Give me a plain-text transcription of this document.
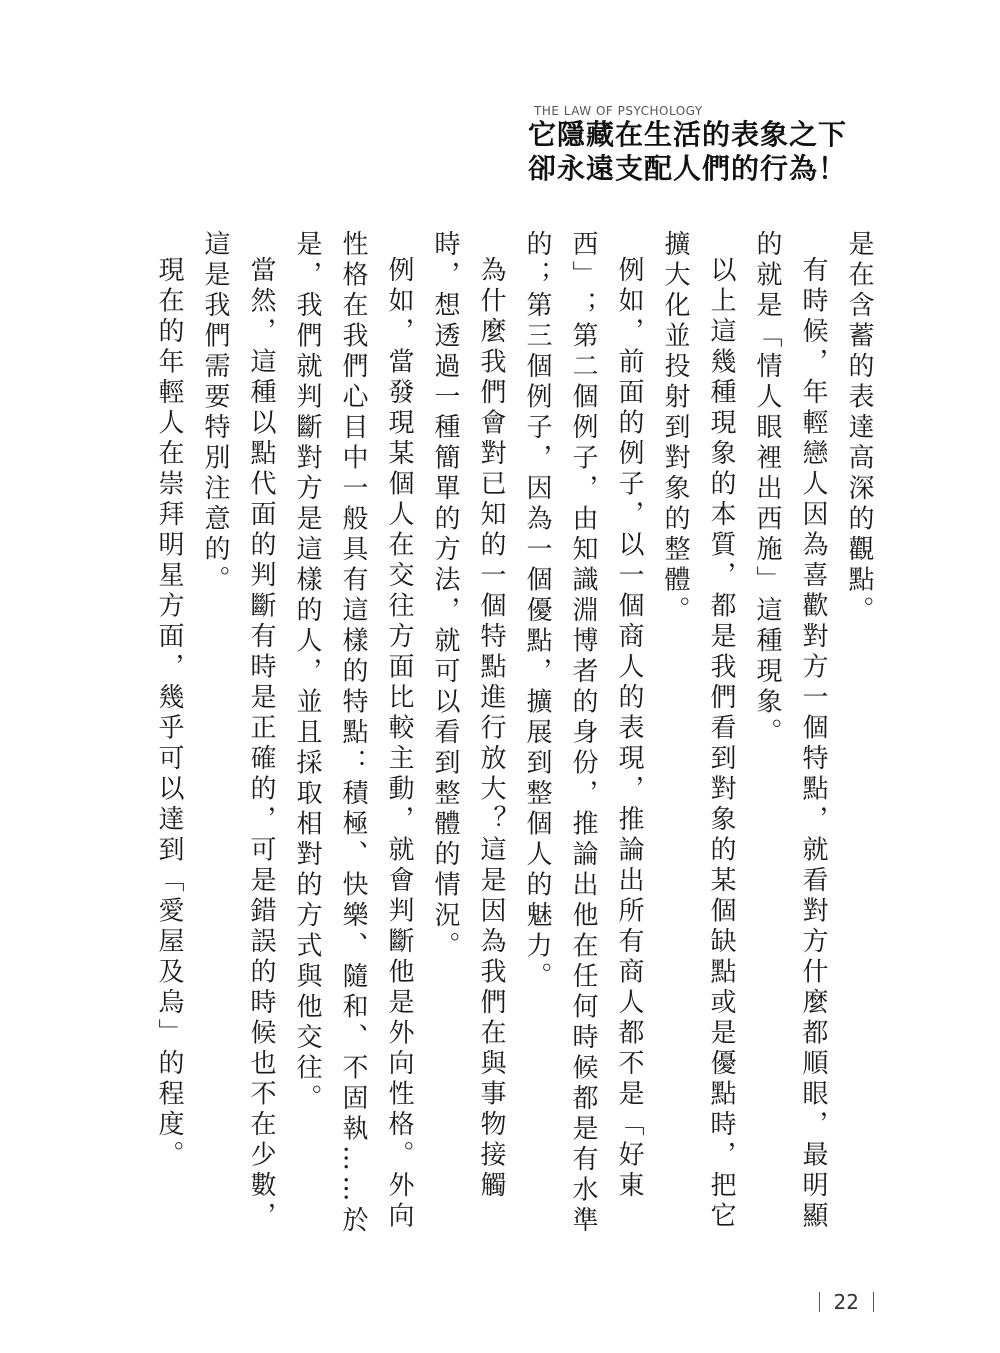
THE LAW OF PSYCHOLOGY
它隱藏在生活的表象之下
卻永遠支配人們的行為！

是在含蓄的表達高深的觀點。

有時候，年輕戀人因為喜歡對方一個特點，就看對方什麼都順眼，最明顯的就是「情人眼裡出西施」這種現象。

以上這幾種現象的本質，都是我們看到對象的某個缺點或是優點時，把它擴大化並投射到對象的整體。

例如，前面的例子，以一個商人的表現，推論出所有商人都不是「好東西」；第二個例子，由知識淵博者的身份，推論出他在任何時候都是有水準的；第三個例子，因為一個優點，擴展到整個人的魅力。

為什麼我們會對已知的一個特點進行放大？這是因為我們在與事物接觸時，想透過一種簡單的方法，就可以看到整體的情況。

例如，當發現某個人在交往方面比較主動，就會判斷他是外向性格。外向性格在我們心目中一般具有這樣的特點：積極、快樂、隨和、不固執……於是，我們就判斷對方是這樣的人，並且採取相對的方式與他交往。

當然，這種以點代面的判斷有時是正確的，可是錯誤的時候也不在少數，這是我們需要特別注意的。

現在的年輕人在崇拜明星方面，幾乎可以達到「愛屋及烏」的程度。

22
